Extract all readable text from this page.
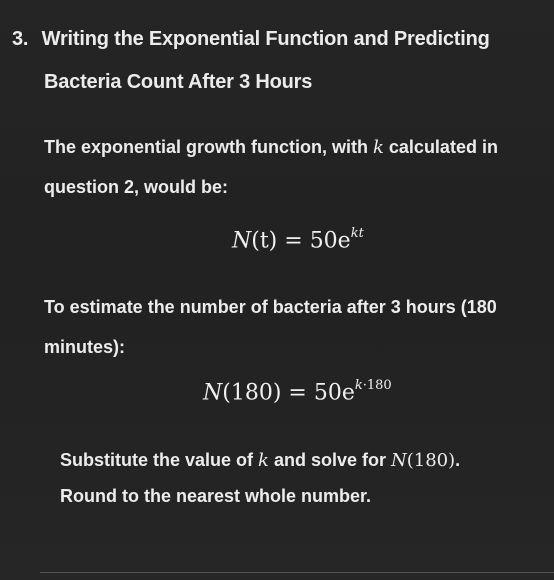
3. Writing the Exponential Function and Predicting
Bacteria Count After 3 Hours
The exponential growth function, with k calculated in
question 2, would be:
$N(t) = 50e^{kt}$
To estimate the number of bacteria after 3 hours (180
minutes):
$N(180) = 50e^{k\cdot 180}$
Substitute the value of k and solve for N(180).
Round to the nearest whole number.
